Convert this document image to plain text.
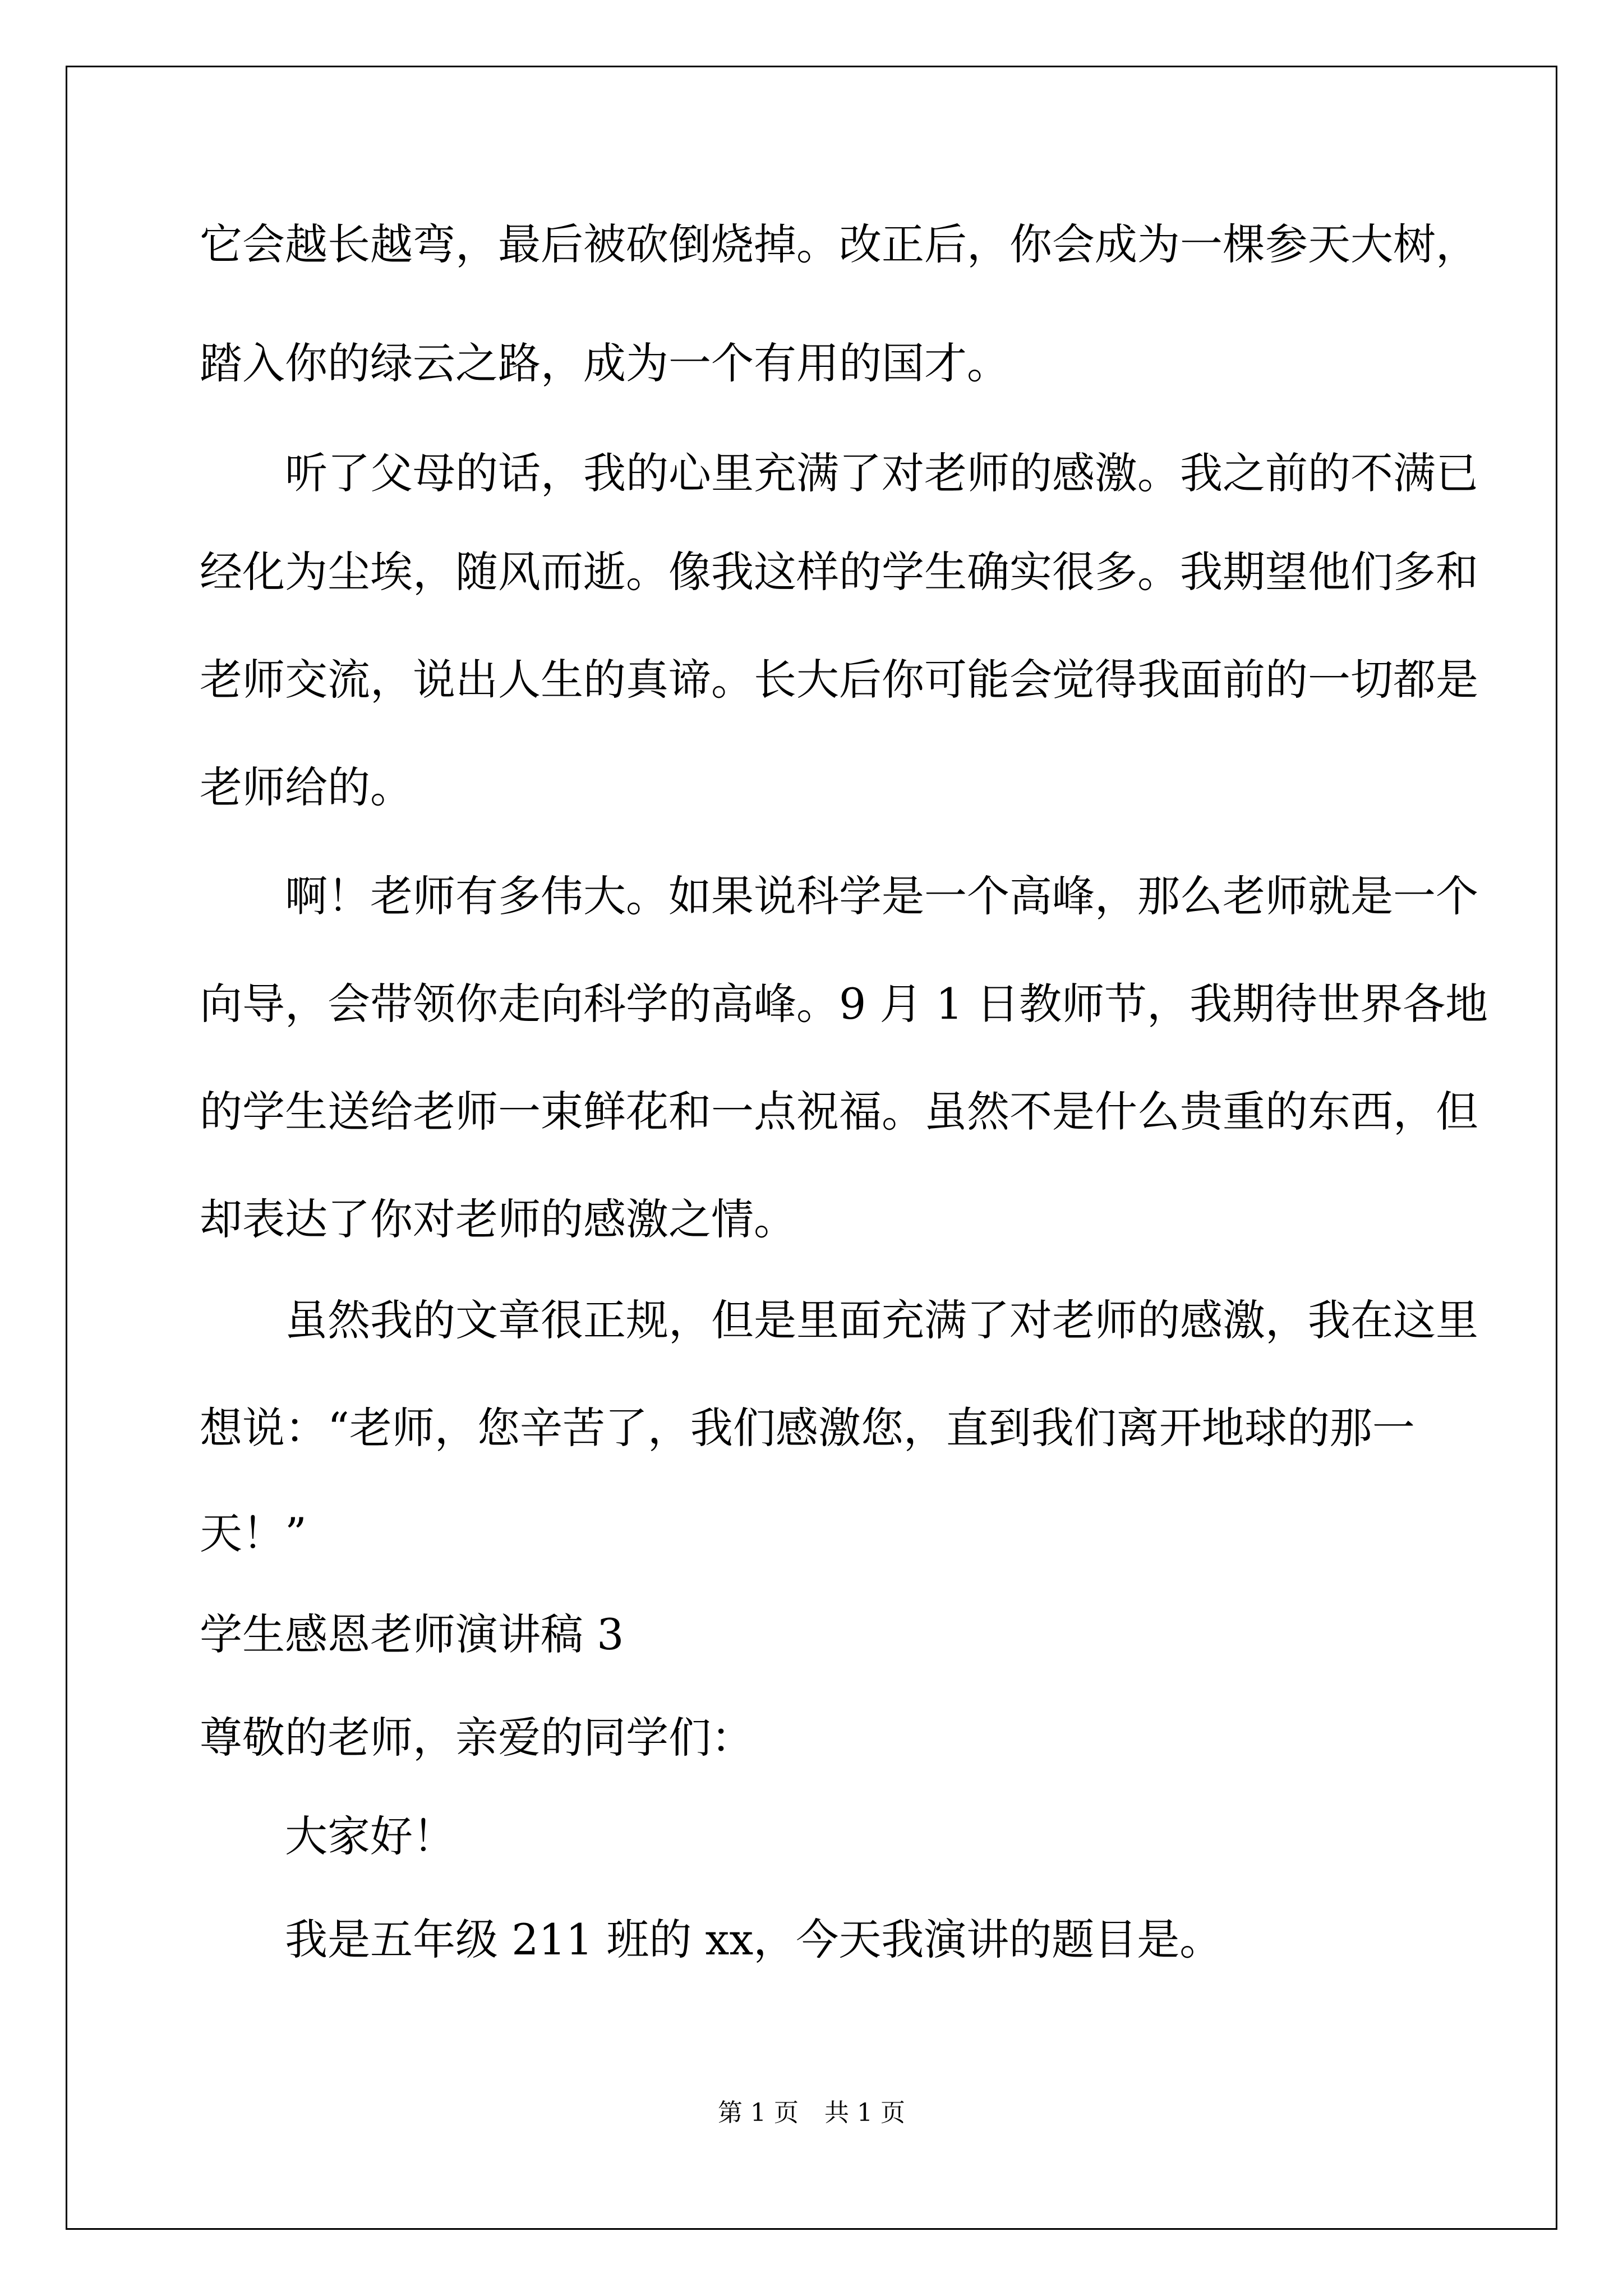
它会越长越弯，最后被砍倒烧掉。改正后，你会成为一棵参天大树，
踏入你的绿云之路，成为一个有用的国才。
听了父母的话，我的心里充满了对老师的感激。我之前的不满已
经化为尘埃，随风而逝。像我这样的学生确实很多。我期望他们多和
老师交流，说出人生的真谛。长大后你可能会觉得我面前的一切都是
老师给的。
啊！老师有多伟大。如果说科学是一个高峰，那么老师就是一个
向导，会带领你走向科学的高峰。9 月 1 日教师节，我期待世界各地
的学生送给老师一束鲜花和一点祝福。虽然不是什么贵重的东西，但
却表达了你对老师的感激之情。
虽然我的文章很正规，但是里面充满了对老师的感激，我在这里
想说：“老师，您辛苦了，我们感激您，直到我们离开地球的那一
天！”
学生感恩老师演讲稿 3
尊敬的老师，亲爱的同学们：
大家好！
我是五年级 211 班的 xx，今天我演讲的题目是。
第 1 页 共 1 页
